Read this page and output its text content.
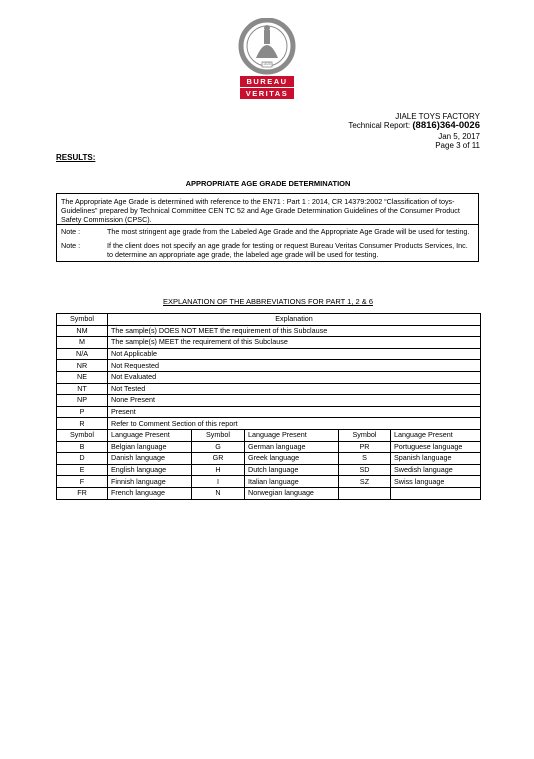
BUREAU
VERITAS
1828
JIALE TOYS FACTORY
Technical Report: (8816)364-0026
Jan 5, 2017
Page 3 of 11
RESULTS:
APPROPRIATE AGE GRADE DETERMINATION
The Appropriate Age Grade is determined with reference to the EN71 : Part 1 : 2014, CR 14379:2002 “Classification of toys-Guidelines” prepared by Technical Committee CEN TC 52 and Age Grade Determination Guidelines of the Consumer Product Safety Commission (CPSC).
Note :	The most stringent age grade from the Labeled Age Grade and the Appropriate Age Grade will be used for testing.
Note :	If the client does not specify an age grade for testing or request Bureau Veritas Consumer Products Services, Inc. to determine an appropriate age grade, the labeled age grade will be used for testing.
EXPLANATION OF THE ABBREVIATIONS FOR PART 1, 2 & 6
Symbol	Explanation				
NM	The sample(s) DOES NOT MEET the requirement of this Subclause				
M	The sample(s) MEET the requirement of this Subclause				
N/A	Not Applicable				
NR	Not Requested				
NE	Not Evaluated				
NT	Not Tested				
NP	None Present				
P	Present				
R	Refer to Comment Section of this report				
Symbol	Language Present	Symbol	Language Present	Symbol	Language Present
B	Belgian language	G	German language	PR	Portuguese language
D	Danish language	GR	Greek language	S	Spanish language
E	English language	H	Dutch language	SD	Swedish language
F	Finnish language	I	Italian language	SZ	Swiss language
FR	French language	N	Norwegian language		
